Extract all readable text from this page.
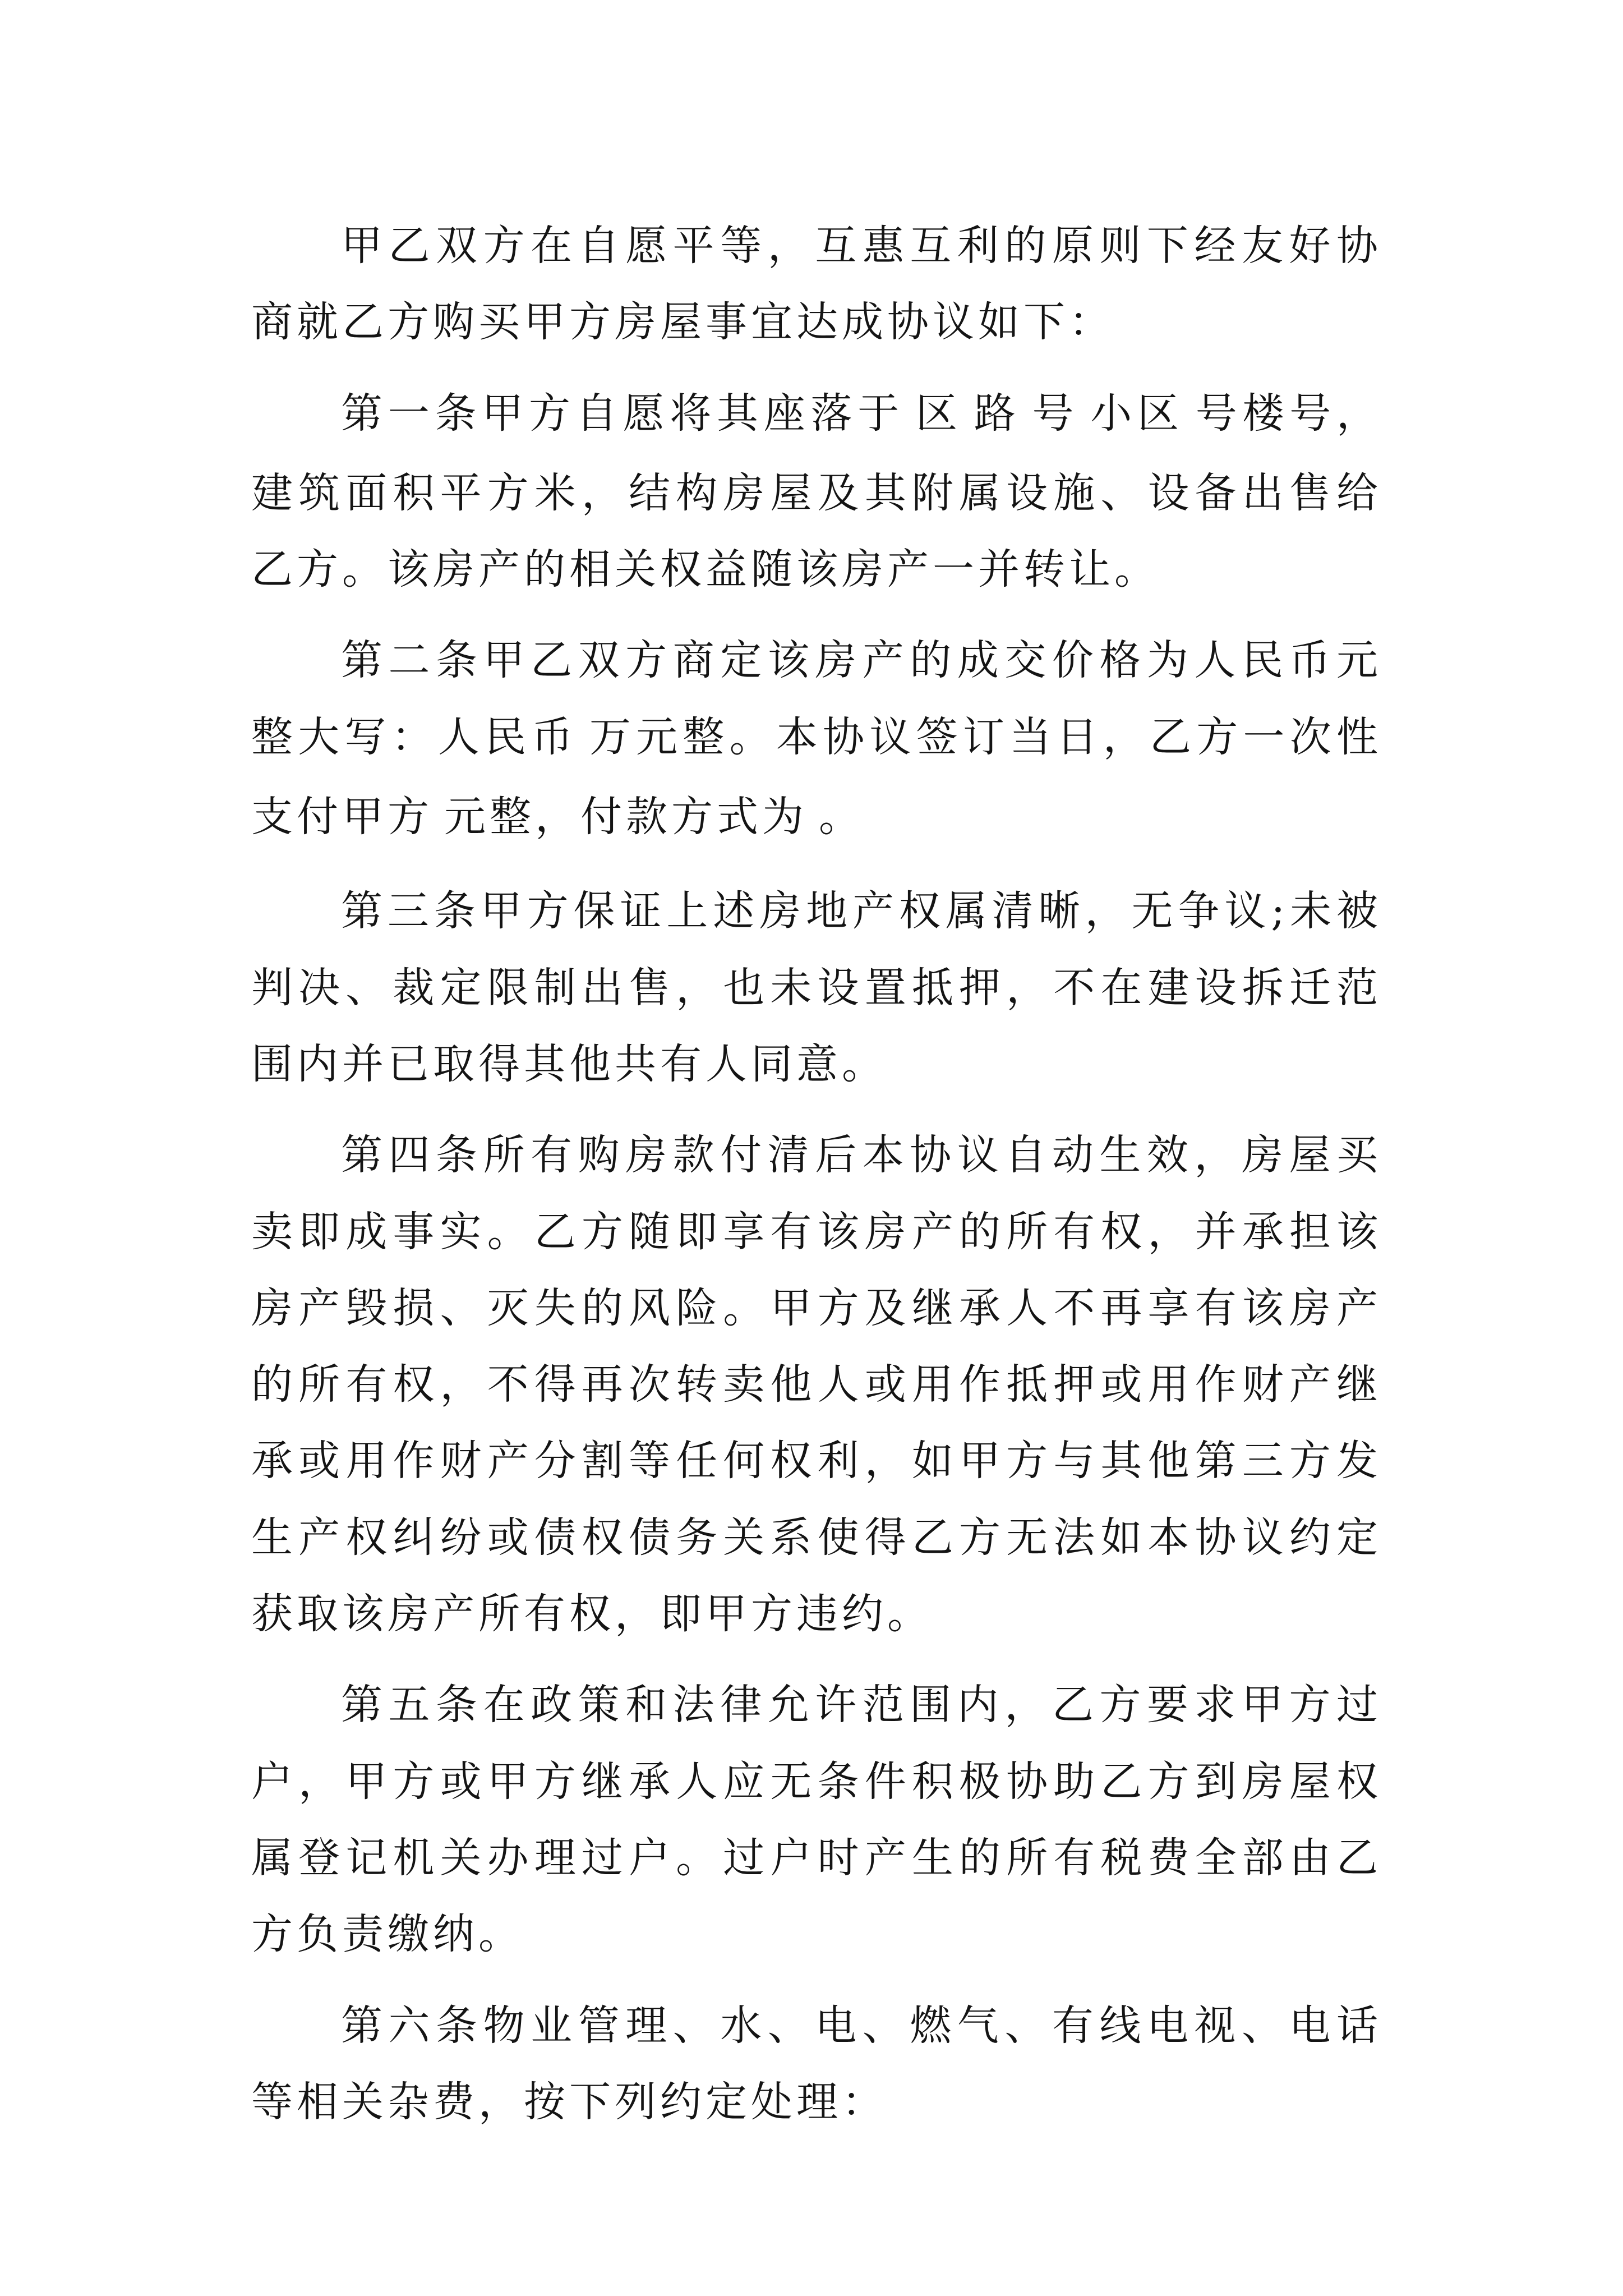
甲乙双方在自愿平等，互惠互利的原则下经友好协商就乙方购买甲方房屋事宜达成协议如下：

第一条甲方自愿将其座落于 区 路 号 小区 号楼号，建筑面积平方米，结构房屋及其附属设施、设备出售给乙方。该房产的相关权益随该房产一并转让。

第二条甲乙双方商定该房产的成交价格为人民币元整大写：人民币 万元整。本协议签订当日，乙方一次性支付甲方 元整，付款方式为 。

第三条甲方保证上述房地产权属清晰，无争议;未被判决、裁定限制出售，也未设置抵押，不在建设拆迁范围内并已取得其他共有人同意。

第四条所有购房款付清后本协议自动生效，房屋买卖即成事实。乙方随即享有该房产的所有权，并承担该房产毁损、灭失的风险。甲方及继承人不再享有该房产的所有权，不得再次转卖他人或用作抵押或用作财产继承或用作财产分割等任何权利，如甲方与其他第三方发生产权纠纷或债权债务关系使得乙方无法如本协议约定获取该房产所有权，即甲方违约。

第五条在政策和法律允许范围内，乙方要求甲方过户，甲方或甲方继承人应无条件积极协助乙方到房屋权属登记机关办理过户。过户时产生的所有税费全部由乙方负责缴纳。

第六条物业管理、水、电、燃气、有线电视、电话等相关杂费，按下列约定处理：
